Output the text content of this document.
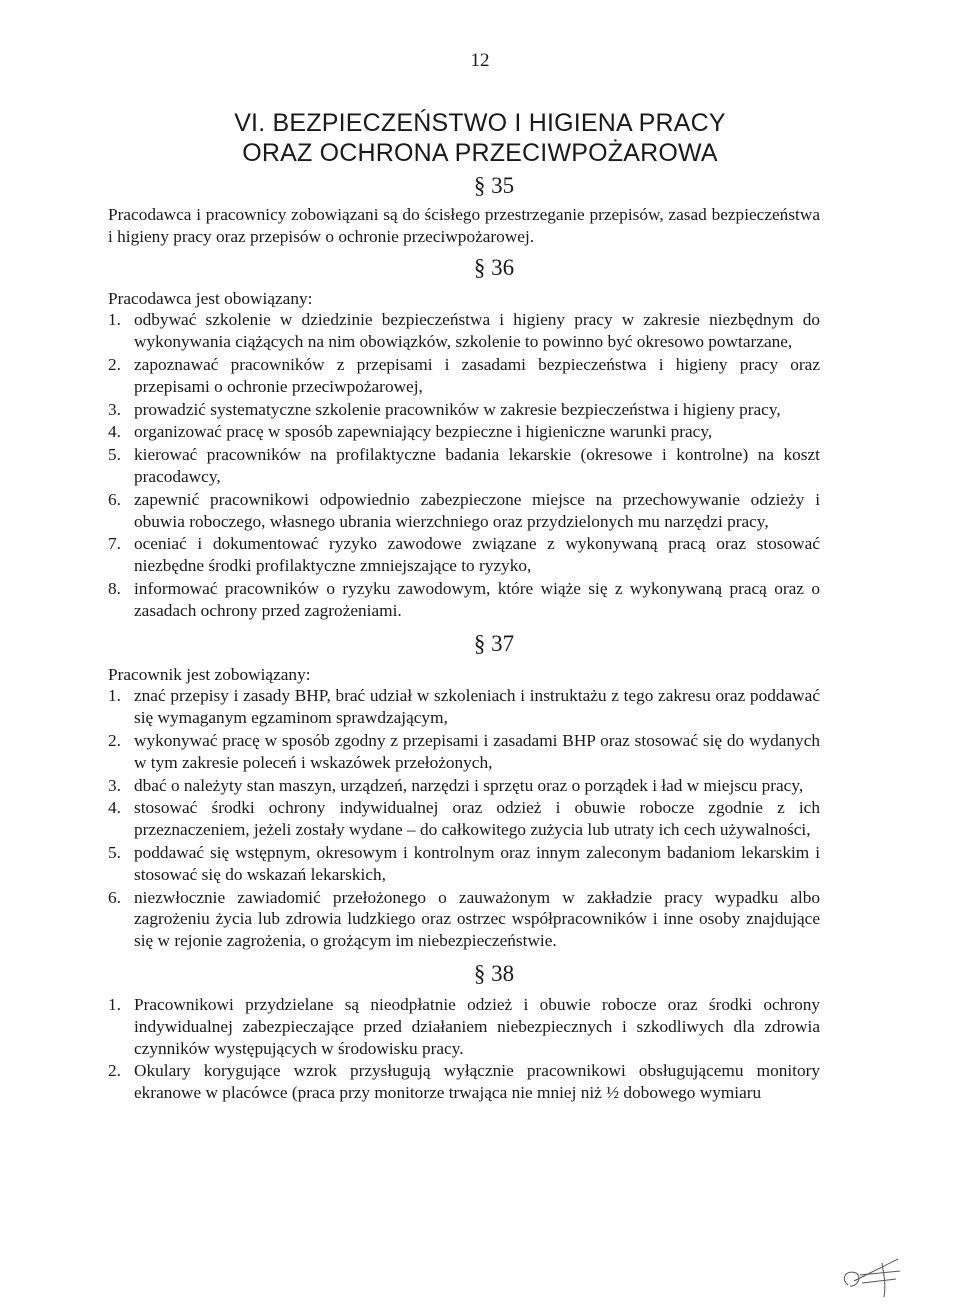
12
VI. BEZPIECZEŃSTWO I HIGIENA PRACY
ORAZ OCHRONA PRZECIWPOŻAROWA
§ 35

Pracodawca i pracownicy zobowiązani są do ścisłego przestrzeganie przepisów, zasad bezpieczeństwa i higieny pracy oraz przepisów o ochronie przeciwpożarowej.

§ 36

Pracodawca jest obowiązany:

1. odbywać szkolenie w dziedzinie bezpieczeństwa i higieny pracy w zakresie niezbędnym do wykonywania ciążących na nim obowiązków, szkolenie to powinno być okresowo powtarzane,
2. zapoznawać pracowników z przepisami i zasadami bezpieczeństwa i higieny pracy oraz przepisami o ochronie przeciwpożarowej,
3. prowadzić systematyczne szkolenie pracowników w zakresie bezpieczeństwa i higieny pracy,
4. organizować pracę w sposób zapewniający bezpieczne i higieniczne warunki pracy,
5. kierować pracowników na profilaktyczne badania lekarskie (okresowe i kontrolne) na koszt pracodawcy,
6. zapewnić pracownikowi odpowiednio zabezpieczone miejsce na przechowywanie odzieży i obuwia roboczego, własnego ubrania wierzchniego oraz przydzielonych mu narzędzi pracy,
7. oceniać i dokumentować ryzyko zawodowe związane z wykonywaną pracą oraz stosować niezbędne środki profilaktyczne zmniejszające to ryzyko,
8. informować pracowników o ryzyku zawodowym, które wiąże się z wykonywaną pracą oraz o zasadach ochrony przed zagrożeniami.
§ 37

Pracownik jest zobowiązany:

1. znać przepisy i zasady BHP, brać udział w szkoleniach i instruktażu z tego zakresu oraz poddawać się wymaganym egzaminom sprawdzającym,
2. wykonywać pracę w sposób zgodny z przepisami i zasadami BHP oraz stosować się do wydanych w tym zakresie poleceń i wskazówek przełożonych,
3. dbać o należyty stan maszyn, urządzeń, narzędzi i sprzętu oraz o porządek i ład w miejscu pracy,
4. stosować środki ochrony indywidualnej oraz odzież i obuwie robocze zgodnie z ich przeznaczeniem, jeżeli zostały wydane – do całkowitego zużycia lub utraty ich cech używalności,
5. poddawać się wstępnym, okresowym i kontrolnym oraz innym zaleconym badaniom lekarskim i stosować się do wskazań lekarskich,
6. niezwłocznie zawiadomić przełożonego o zauważonym w zakładzie pracy wypadku albo zagrożeniu życia lub zdrowia ludzkiego oraz ostrzec współpracowników i inne osoby znajdujące się w rejonie zagrożenia, o grożącym im niebezpieczeństwie.
§ 38
1. Pracownikowi przydzielane są nieodpłatnie odzież i obuwie robocze oraz środki ochrony indywidualnej zabezpieczające przed działaniem niebezpiecznych i szkodliwych dla zdrowia czynników występujących w środowisku pracy.
2. Okulary korygujące wzrok przysługują wyłącznie pracownikowi obsługującemu monitory ekranowe w placówce (praca przy monitorze trwająca nie mniej niż ½ dobowego wymiaru
